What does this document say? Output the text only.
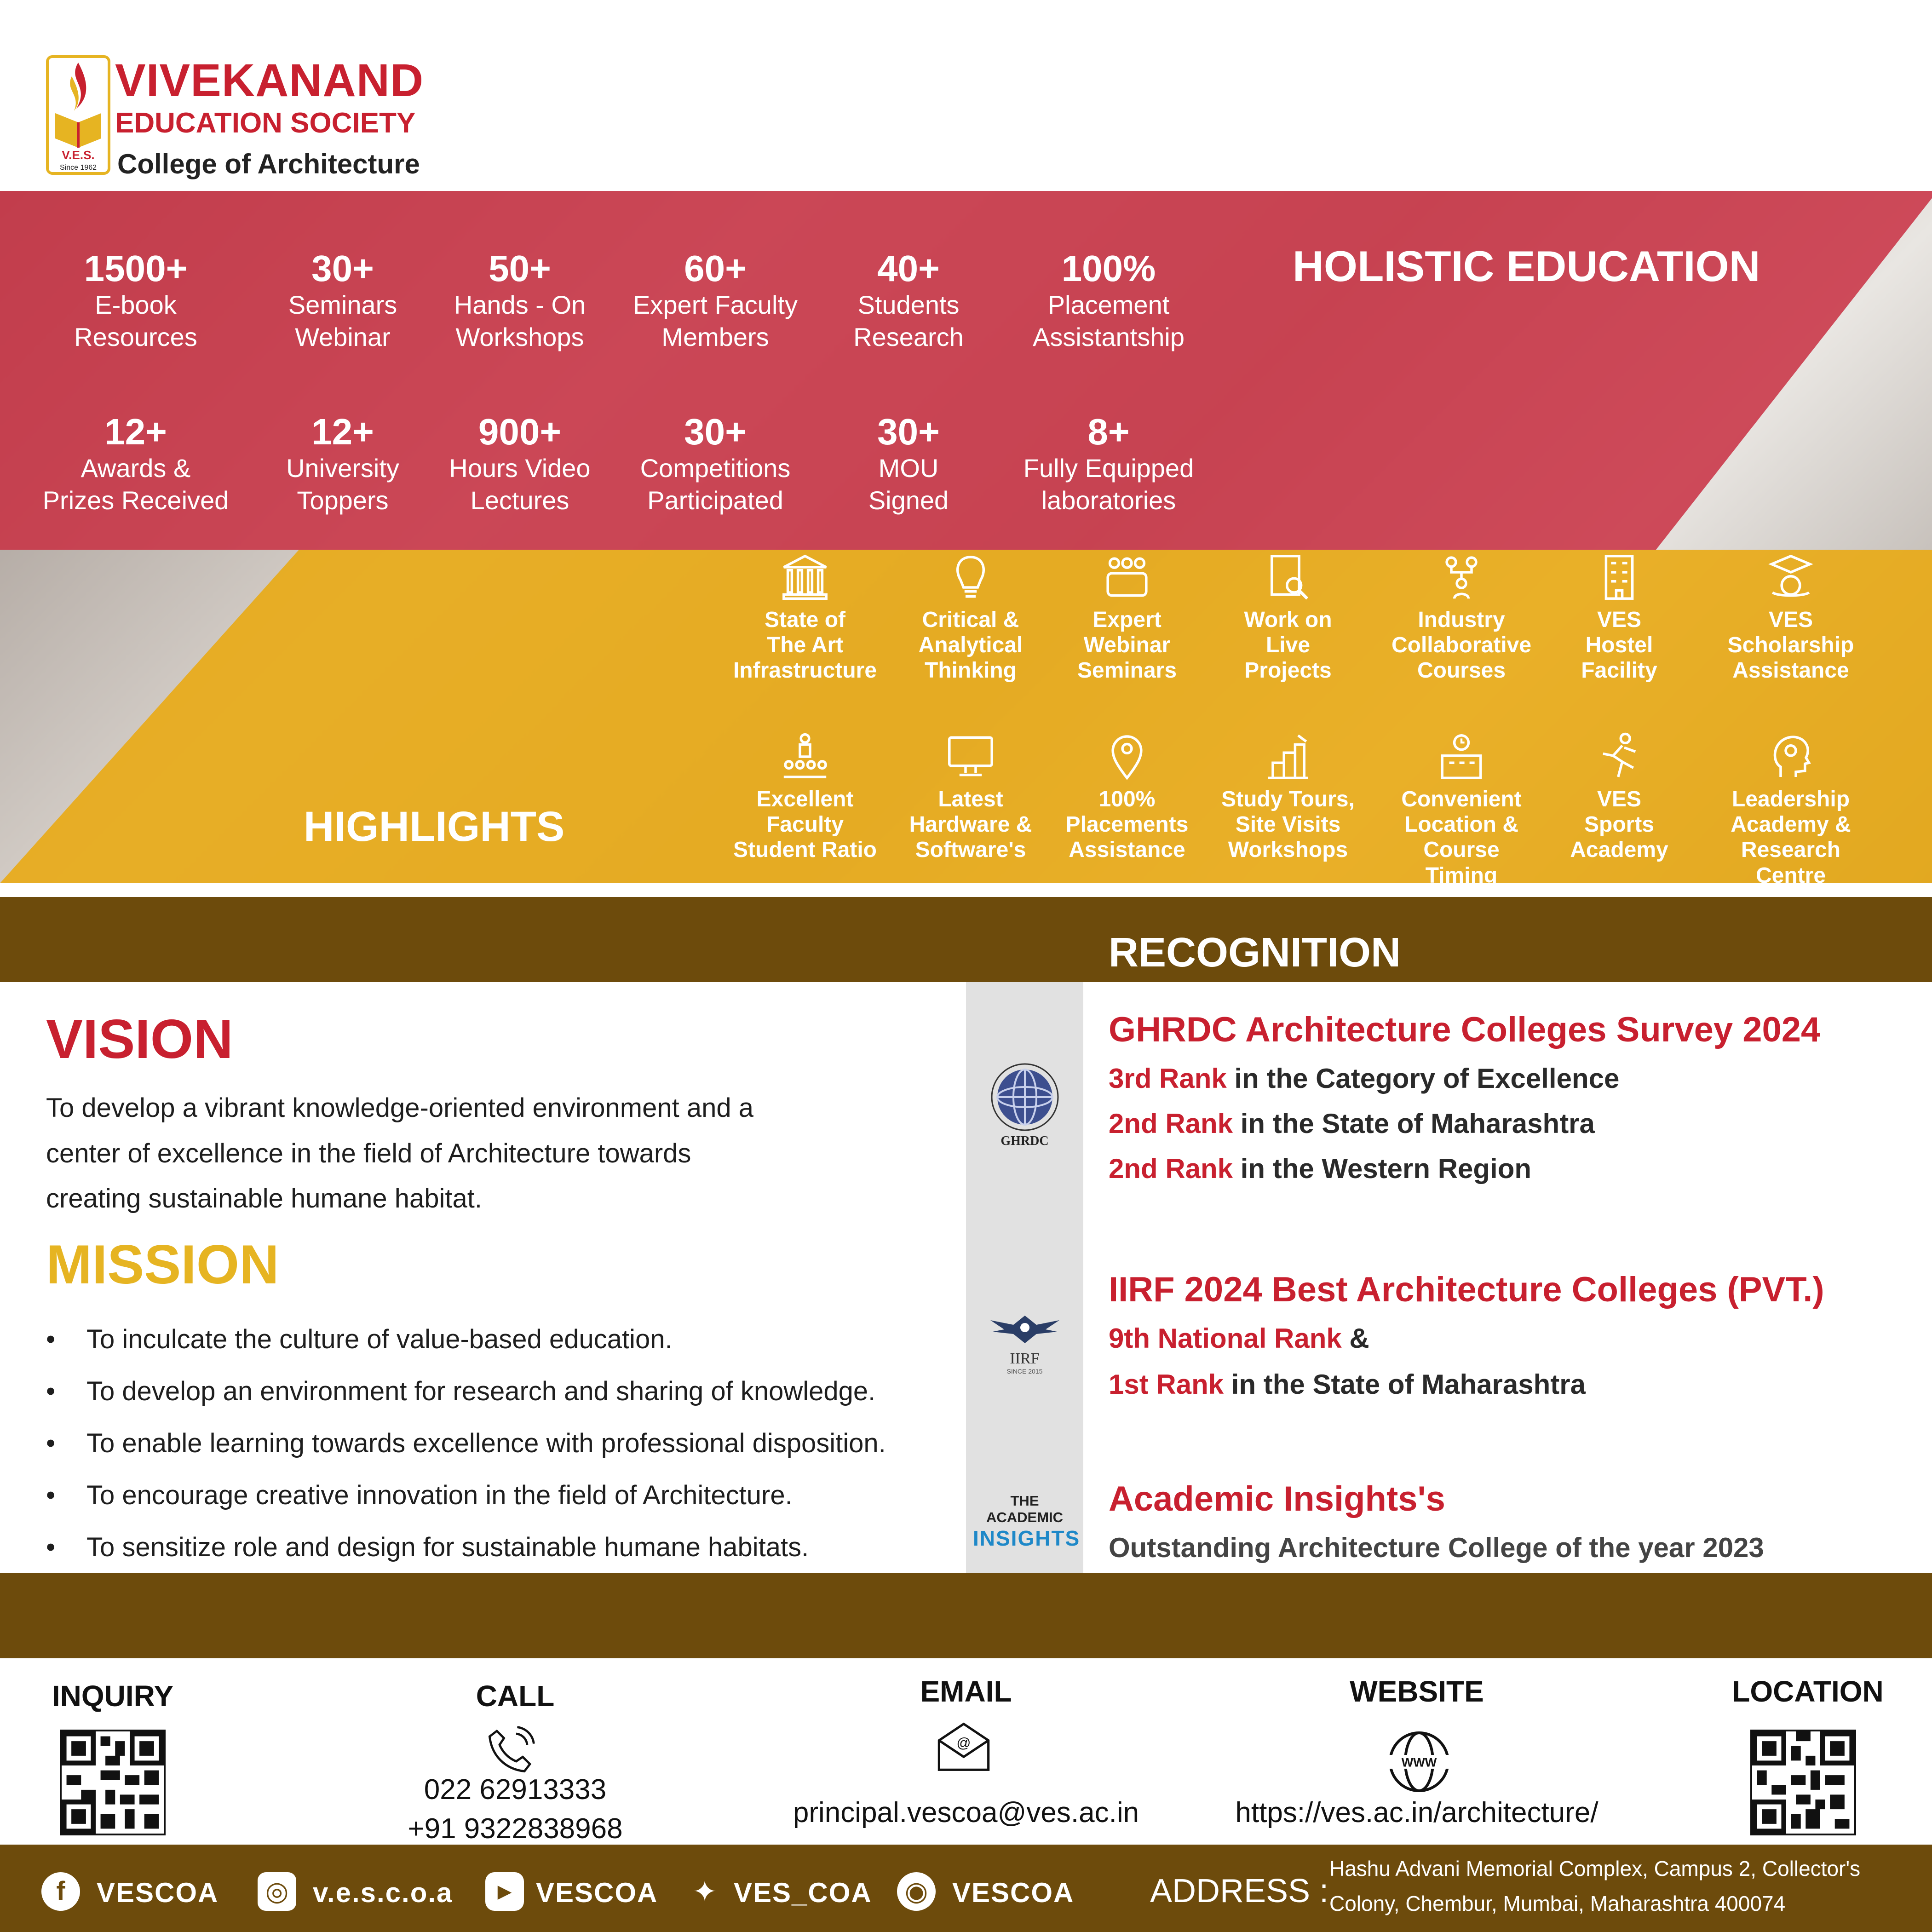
V.E.S.
Since 1962
VIVEKANAND
EDUCATION SOCIETY
College of Architecture
HOLISTIC EDUCATION
1500+
E-book
Resources
30+
Seminars
Webinar
50+
Hands - On
Workshops
60+
Expert Faculty
Members
40+
Students
Research
100%
Placement
Assistantship
12+
Awards &
Prizes Received
12+
University
Toppers
900+
Hours Video
Lectures
30+
Competitions
Participated
30+
MOU
Signed
8+
Fully Equipped
laboratories
HIGHLIGHTS
State of
The Art
Infrastructure
Critical &
Analytical
Thinking
Expert
Webinar
Seminars
Work on
Live
Projects
Industry
Collaborative
Courses
VES
Hostel
Facility
VES
Scholarship
Assistance
Excellent
Faculty
Student Ratio
Latest
Hardware &
Software's
100%
Placements
Assistance
Study Tours,
Site Visits
Workshops
Convenient
Location &
Course Timing
VES
Sports
Academy
Leadership
Academy &
Research Centre
RECOGNITION
VISION
To develop a vibrant knowledge-oriented environment and a center of excellence in the field of Architecture towards creating sustainable humane habitat.
MISSION
• To inculcate the culture of value-based education.
• To develop an environment for research and sharing of knowledge.
• To enable learning towards excellence with professional disposition.
• To encourage creative innovation in the field of Architecture.
• To sensitize role and design for sustainable humane habitats.
GHRDC
IIRF
SINCE 2015
THE ACADEMIC
INSIGHTS
GHRDC Architecture Colleges Survey 2024
3rd Rank in the Category of Excellence
2nd Rank in the State of Maharashtra
2nd Rank in the Western Region
IIRF 2024 Best Architecture Colleges (PVT.)
9th National Rank &
1st Rank in the State of Maharashtra
Academic Insights's
Outstanding Architecture College of the year 2023
INQUIRY	CALL
022 62913333
+91 9322838968
EMAIL
@
principal.vescoa@ves.ac.in
WEBSITE
WWW
https://ves.ac.in/architecture/
LOCATION
f	VESCOA ◎ v.e.s.c.o.a	▶ VESCOA ✦ VES_COA ◉ VESCOA ADDRESS :
Hashu Advani Memorial Complex, Campus 2, Collector's Colony, Chembur, Mumbai, Maharashtra 400074
